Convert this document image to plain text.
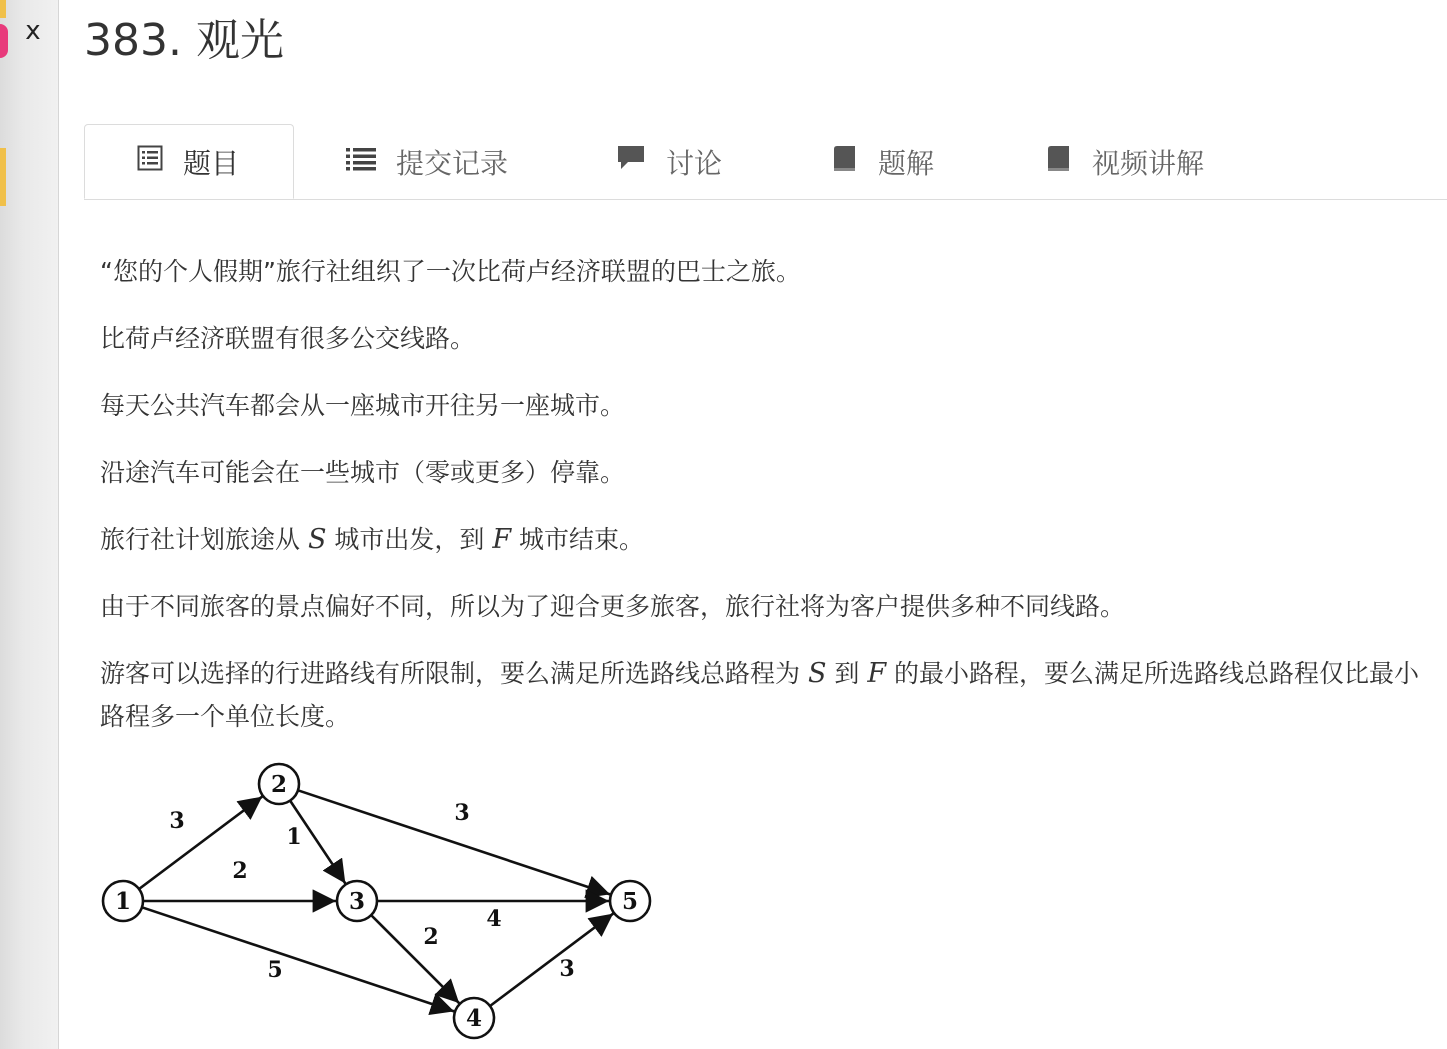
x 383. 观光
题目	提交记录	讨论	题解	视频讲解

“您的个人假期”旅行社组织了一次比荷卢经济联盟的巴士之旅。

比荷卢经济联盟有很多公交线路。

每天公共汽车都会从一座城市开往另一座城市。

沿途汽车可能会在一些城市（零或更多）停靠。

旅行社计划旅途从 S 城市出发，到 F 城市结束。

由于不同旅客的景点偏好不同，所以为了迎合更多旅客，旅行社将为客户提供多种不同线路。

游客可以选择的行进路线有所限制，要么满足所选路线总路程为 S 到 F 的最小路程，要么满足所选路线总路程仅比最小路程多一个单位长度。

3
2
5
1
3
4
2
3
1
2
3
4
5
